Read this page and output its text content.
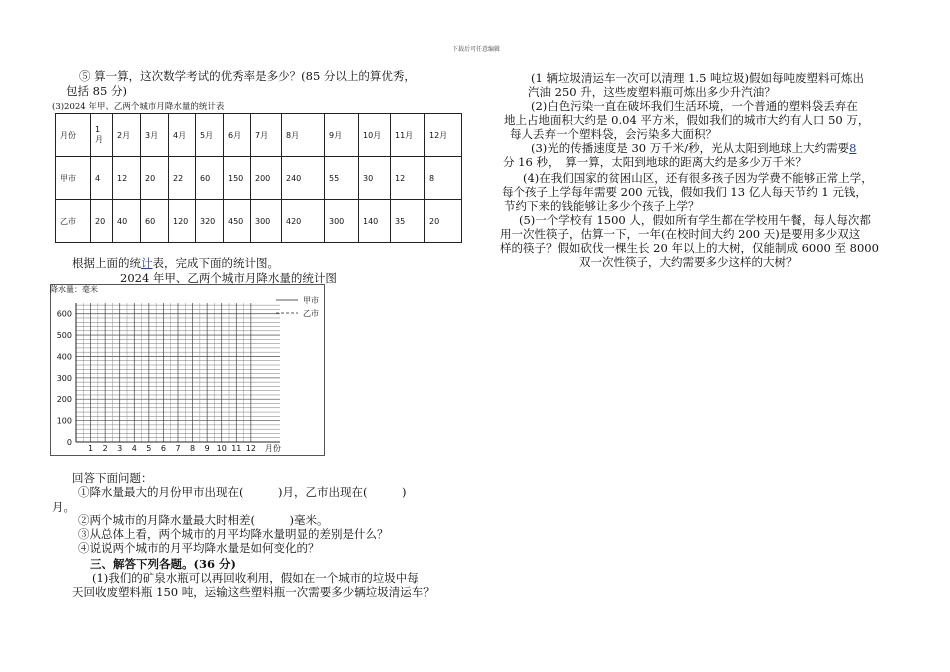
下载后可任意编辑
⑤ 算一算，这次数学考试的优秀率是多少？(85 分以上的算优秀，
包括 85 分)
(3)2024 年甲、乙两个城市月降水量的统计表
月份	1月	2月	3月	4月	5月	6月	7月	8月	9月	10月	11月	12月
甲市	4	12	20	22	60	150	200	240	55	30	12	8
乙市	20	40	60	120	320	450	300	420	300	140	35	20
根据上面的统计表，完成下面的统计图。
2024 年甲、乙两个城市月降水量的统计图
降水量：毫米
0
100
200
300
400
500
600
1 2 3 4 5 6 7 8 9 10 11 12 月份
甲市
乙市
回答下面问题：
①降水量最大的月份甲市出现在(　　　)月，乙市出现在(　　　)
月。
②两个城市的月降水量最大时相差(　　　)毫米。
③从总体上看，两个城市的月平均降水量明显的差别是什么？
④说说两个城市的月平均降水量是如何变化的？
三、解答下列各题。(36 分)
(1)我们的矿泉水瓶可以再回收利用，假如在一个城市的垃圾中每
天回收废塑料瓶 150 吨，运输这些塑料瓶一次需要多少辆垃圾清运车？
(1 辆垃圾清运车一次可以清理 1.5 吨垃圾)假如每吨废塑料可炼出
汽油 250 升，这些废塑料瓶可炼出多少升汽油？
(2)白色污染一直在破坏我们生活环境，一个普通的塑料袋丢弃在
地上占地面积大约是 0.04 平方米，假如我们的城市大约有人口 50 万，
每人丢弃一个塑料袋，会污染多大面积？
(3)光的传播速度是 30 万千米/秒，光从太阳到地球上大约需要8
分 16 秒，　算一算，太阳到地球的距离大约是多少万千米？
(4)在我们国家的贫困山区，还有很多孩子因为学费不能够正常上学，
每个孩子上学每年需要 200 元钱，假如我们 13 亿人每天节约 1 元钱，
节约下来的钱能够让多少个孩子上学？
(5)一个学校有 1500 人，假如所有学生都在学校用午餐，每人每次都
用一次性筷子，估算一下，一年(在校时间大约 200 天)是要用多少双这
样的筷子？假如砍伐一棵生长 20 年以上的大树，仅能制成 6000 至 8000
双一次性筷子，大约需要多少这样的大树？
